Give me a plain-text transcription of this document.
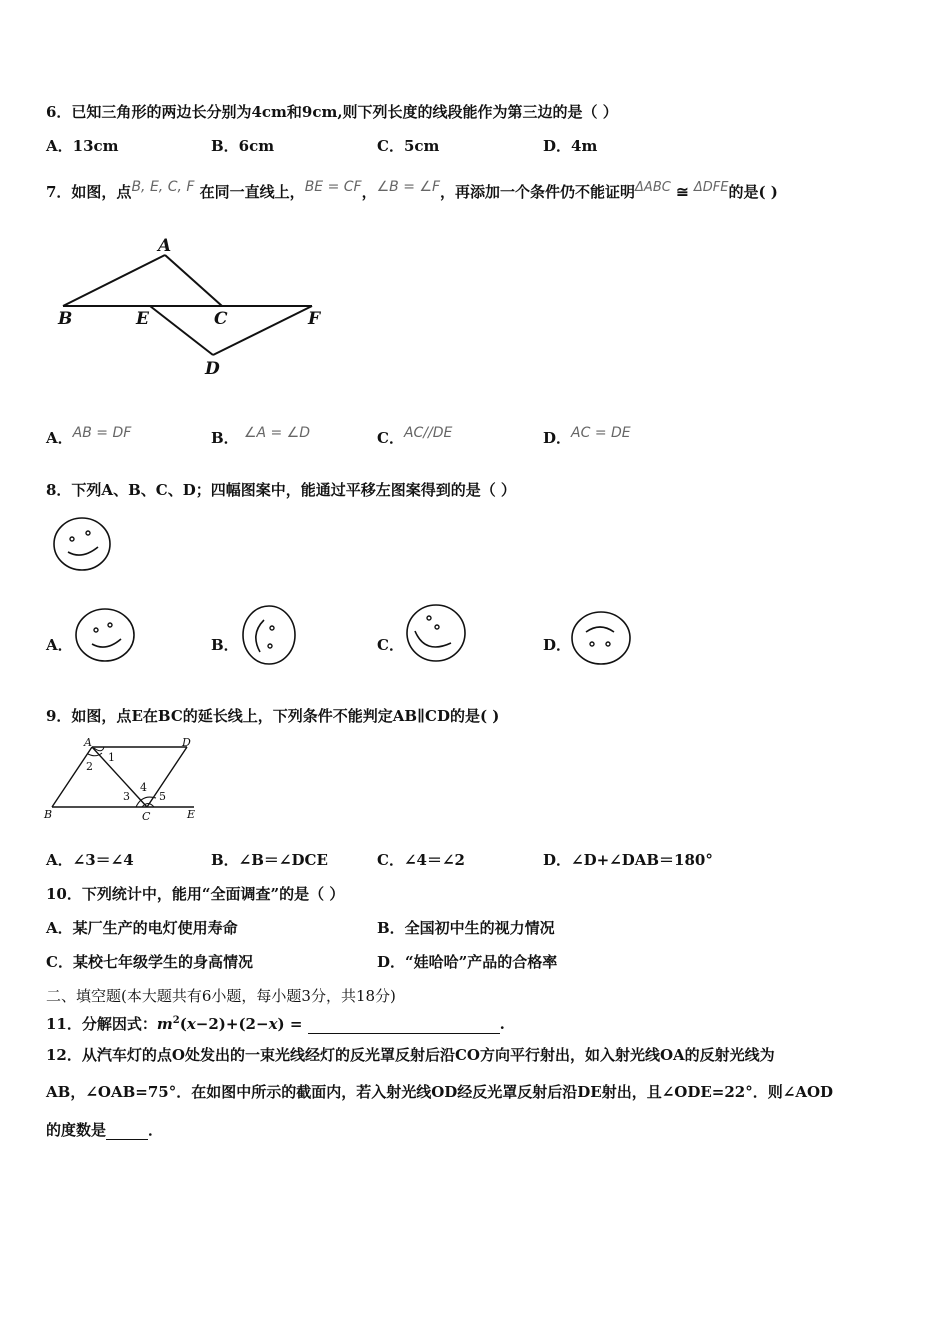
6．已知三角形的两边长分别为4cm和9cm,则下列长度的线段能作为第三边的是（ ）
A．13cm	B．6cm	C．5cm	D．4m
7．如图，点B, E, C, F 在同一直线上，BE = CF，∠B = ∠F，再添加一个条件仍不能证明ΔABC ≅ ΔDFE的是( )
A
B	E	C	F
D
A．AB = DF	B． ∠A = ∠D	C．AC//DE	D．AC = DE
8．下列A、B、C、D；四幅图案中，能通过平移左图案得到的是（ ）
A．	B．	C．	D．
9．如图，点E在BC的延长线上，下列条件不能判定AB∥CD的是( )
A	D
B	C	E
1
2
3
4
5
A．∠3＝∠4	B．∠B＝∠DCE	C．∠4＝∠2	D．∠D+∠DAB＝180°
10．下列统计中，能用“全面调查”的是（ ）
A．某厂生产的电灯使用寿命	B．全国初中生的视力情况
C．某校七年级学生的身高情况	D．“娃哈哈”产品的合格率
二、填空题(本大题共有6小题，每小题3分，共18分)
11．分解因式：$m^2(x-2)+(2-x)$ =	.
12．从汽车灯的点O处发出的一束光线经灯的反光罩反射后沿CO方向平行射出，如入射光线OA的反射光线为
AB，∠OAB=75°．在如图中所示的截面内，若入射光线OD经反光罩反射后沿DE射出，且∠ODE=22°．则∠AOD
的度数是	．
